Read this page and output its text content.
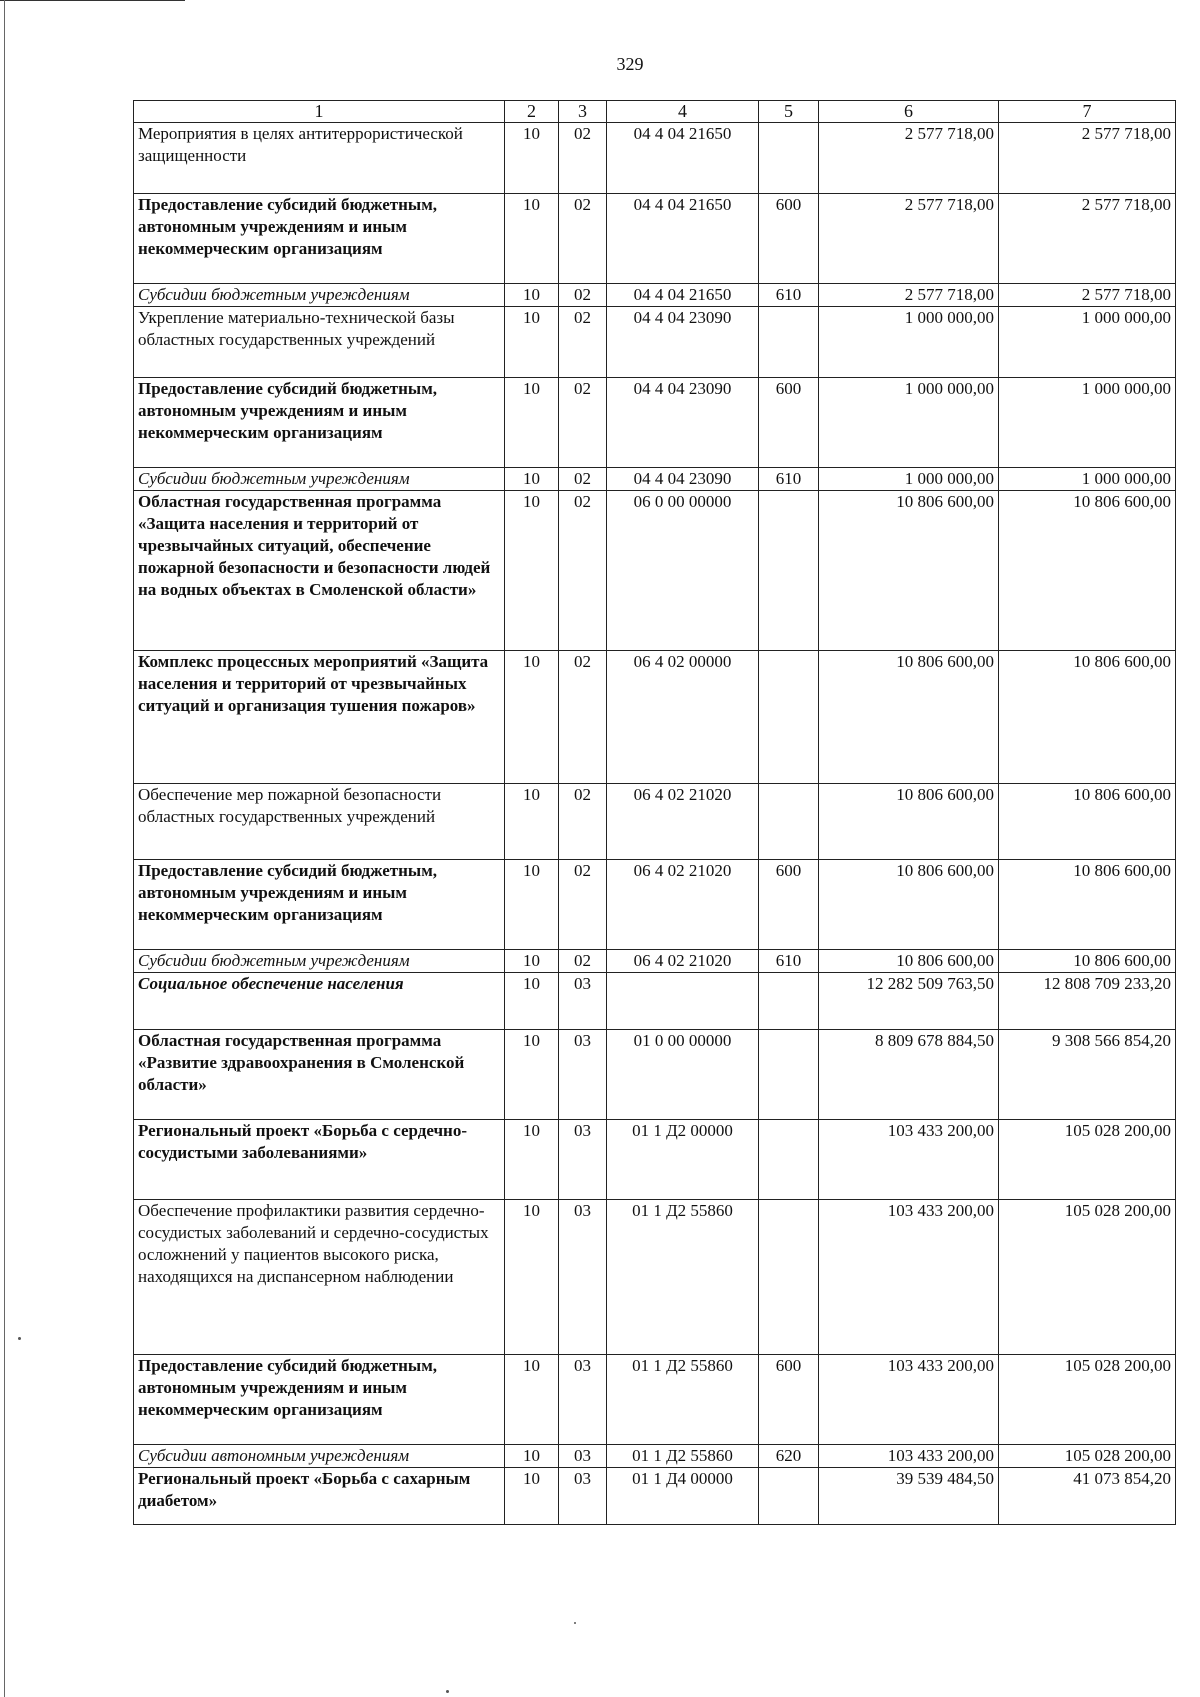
329
1	2	3	4	5	6	7
Мероприятия в целях антитеррористической защищенности	10	02	04 4 04 21650		2 577 718,00	2 577 718,00
Предоставление субсидий бюджетным, автономным учреждениям и иным некоммерческим организациям	10	02	04 4 04 21650	600	2 577 718,00	2 577 718,00
Субсидии бюджетным учреждениям	10	02	04 4 04 21650	610	2 577 718,00	2 577 718,00
Укрепление материально-технической базы областных государственных учреждений	10	02	04 4 04 23090		1 000 000,00	1 000 000,00
Предоставление субсидий бюджетным, автономным учреждениям и иным некоммерческим организациям	10	02	04 4 04 23090	600	1 000 000,00	1 000 000,00
Субсидии бюджетным учреждениям	10	02	04 4 04 23090	610	1 000 000,00	1 000 000,00
Областная государственная программа «Защита населения и территорий от чрезвычайных ситуаций, обеспечение пожарной безопасности и безопасности людей на водных объектах в Смоленской области»	10	02	06 0 00 00000		10 806 600,00	10 806 600,00
Комплекс процессных мероприятий «Защита населения и территорий от чрезвычайных ситуаций и организация тушения пожаров»	10	02	06 4 02 00000		10 806 600,00	10 806 600,00
Обеспечение мер пожарной безопасности областных государственных учреждений	10	02	06 4 02 21020		10 806 600,00	10 806 600,00
Предоставление субсидий бюджетным, автономным учреждениям и иным некоммерческим организациям	10	02	06 4 02 21020	600	10 806 600,00	10 806 600,00
Субсидии бюджетным учреждениям	10	02	06 4 02 21020	610	10 806 600,00	10 806 600,00
Социальное обеспечение населения	10	03			12 282 509 763,50	12 808 709 233,20
Областная государственная программа «Развитие здравоохранения в Смоленской области»	10	03	01 0 00 00000		8 809 678 884,50	9 308 566 854,20
Региональный проект «Борьба с сердечно-сосудистыми заболеваниями»	10	03	01 1 Д2 00000		103 433 200,00	105 028 200,00
Обеспечение профилактики развития сердечно-сосудистых заболеваний и сердечно-сосудистых осложнений у пациентов высокого риска, находящихся на диспансерном наблюдении	10	03	01 1 Д2 55860		103 433 200,00	105 028 200,00
Предоставление субсидий бюджетным, автономным учреждениям и иным некоммерческим организациям	10	03	01 1 Д2 55860	600	103 433 200,00	105 028 200,00
Субсидии автономным учреждениям	10	03	01 1 Д2 55860	620	103 433 200,00	105 028 200,00
Региональный проект «Борьба с сахарным диабетом»	10	03	01 1 Д4 00000		39 539 484,50	41 073 854,20
